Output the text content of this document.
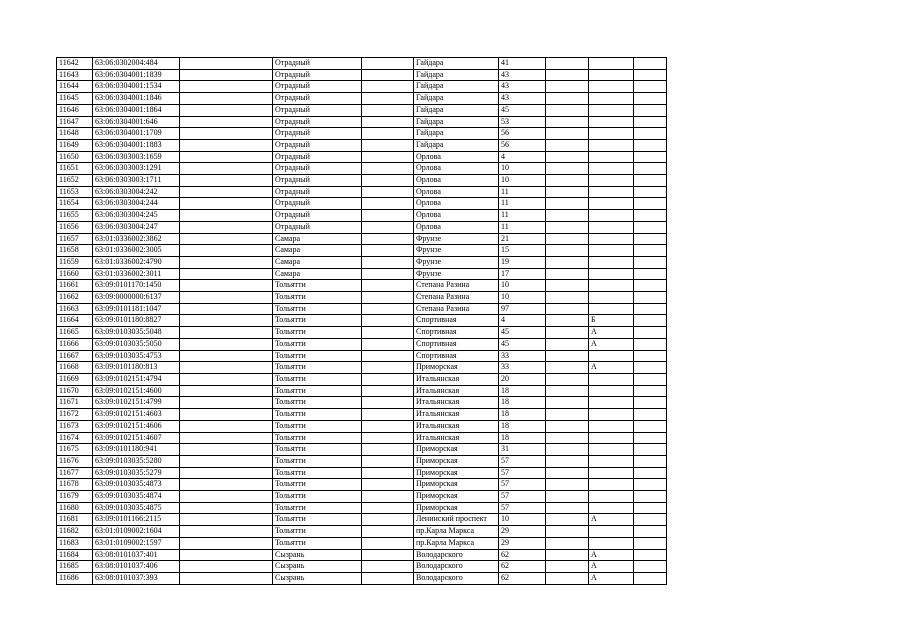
11642	63:06:0302004:484		Отрадный		Гайдара	41			
11643	63:06:0304001:1839		Отрадный		Гайдара	43			
11644	63:06:0304001:1534		Отрадный		Гайдара	43			
11645	63:06:0304001:1846		Отрадный		Гайдара	43			
11646	63:06:0304001:1864		Отрадный		Гайдара	45			
11647	63:06:0304001:646		Отрадный		Гайдара	53			
11648	63:06:0304001:1709		Отрадный		Гайдара	56			
11649	63:06:0304001:1883		Отрадный		Гайдара	56			
11650	63:06:0303003:1659		Отрадный		Орлова	4			
11651	63:06:0303003:1291		Отрадный		Орлова	10			
11652	63:06:0303003:1711		Отрадный		Орлова	10			
11653	63:06:0303004:242		Отрадный		Орлова	11			
11654	63:06:0303004:244		Отрадный		Орлова	11			
11655	63:06:0303004:245		Отрадный		Орлова	11			
11656	63:06:0303004:247		Отрадный		Орлова	11			
11657	63:01:0336002:3862		Самара		Фрунзе	21			
11658	63:01:0336002:3005		Самара		Фрунзе	15			
11659	63:01:0336002:4790		Самара		Фрунзе	19			
11660	63:01:0336002:3011		Самара		Фрунзе	17			
11661	63:09:0101170:1450		Тольятти		Степана Разина	10			
11662	63:09:0000000:6137		Тольятти		Степана Разина	10			
11663	63:09:0101181:1047		Тольятти		Степана Разина	97			
11664	63:09:0101180:8827		Тольятти		Спортивная	4		Б	
11665	63:09:0103035:5048		Тольятти		Спортивная	45		А	
11666	63:09:0103035:5050		Тольятти		Спортивная	45		А	
11667	63:09:0103035:4753		Тольятти		Спортивная	33			
11668	63:09:0101180:813		Тольятти		Приморская	33		А	
11669	63:09:0102151:4794		Тольятти		Итальянская	20			
11670	63:09:0102151:4600		Тольятти		Итальянская	18			
11671	63:09:0102151:4799		Тольятти		Итальянская	18			
11672	63:09:0102151:4603		Тольятти		Итальянская	18			
11673	63:09:0102151:4606		Тольятти		Итальянская	18			
11674	63:09:0102151:4607		Тольятти		Итальянская	18			
11675	63:09:0101180:941		Тольятти		Приморская	31			
11676	63:09:0103035:5280		Тольятти		Приморская	57			
11677	63:09:0103035:5279		Тольятти		Приморская	57			
11678	63:09:0103035:4873		Тольятти		Приморская	57			
11679	63:09:0103035:4874		Тольятти		Приморская	57			
11680	63:09:0103035:4875		Тольятти		Приморская	57			
11681	63:09:0101166:2115		Тольятти		Ленинский проспект	10		А	
11682	63:01:0109002:1604		Тольятти		пр.Карла Маркса	29			
11683	63:01:0109002:1597		Тольятти		пр.Карла Маркса	29			
11684	63:08:0101037:401		Сызрань		Володарского	62		А	
11685	63:08:0101037:406		Сызрань		Володарского	62		А	
11686	63:08:0101037:393		Сызрань		Володарского	62		А	
